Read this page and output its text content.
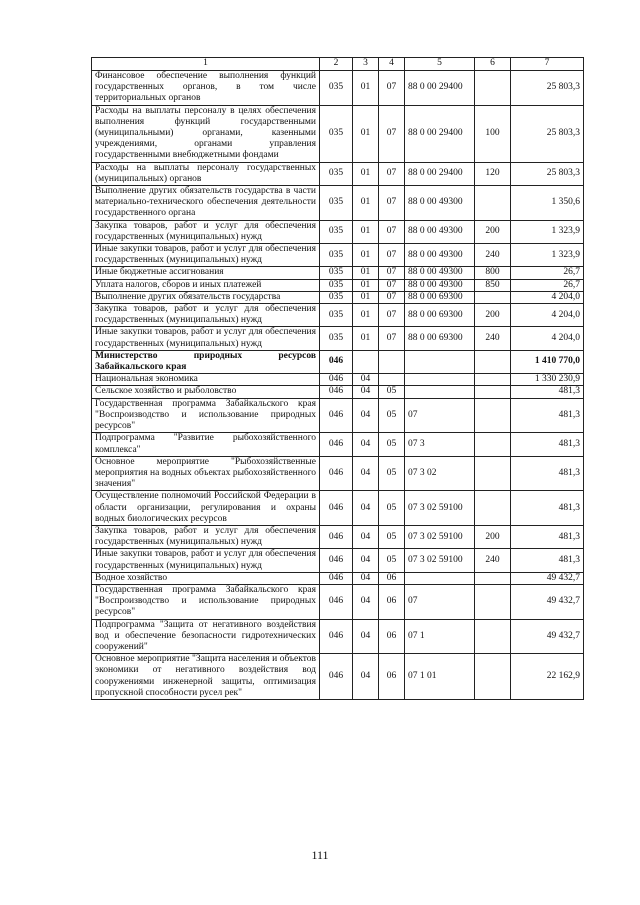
1	2	3	4	5	6	7
Финансовое обеспечение выполнения функций государственных органов, в том числе территориальных органов	035	01	07	88 0 00 29400		25 803,3
Расходы на выплаты персоналу в целях обеспечения выполнения функций государственными (муниципальными) органами, казенными учреждениями, органами управления государственными внебюджетными фондами	035	01	07	88 0 00 29400	100	25 803,3
Расходы на выплаты персоналу государственных (муниципальных) органов	035	01	07	88 0 00 29400	120	25 803,3
Выполнение других обязательств государства в части материально-технического обеспечения деятельности государственного органа	035	01	07	88 0 00 49300		1 350,6
Закупка товаров, работ и услуг для обеспечения государственных (муниципальных) нужд	035	01	07	88 0 00 49300	200	1 323,9
Иные закупки товаров, работ и услуг для обеспечения государственных (муниципальных) нужд	035	01	07	88 0 00 49300	240	1 323,9
Иные бюджетные ассигнования	035	01	07	88 0 00 49300	800	26,7
Уплата налогов, сборов и иных платежей	035	01	07	88 0 00 49300	850	26,7
Выполнение других обязательств государства	035	01	07	88 0 00 69300		4 204,0
Закупка товаров, работ и услуг для обеспечения государственных (муниципальных) нужд	035	01	07	88 0 00 69300	200	4 204,0
Иные закупки товаров, работ и услуг для обеспечения государственных (муниципальных) нужд	035	01	07	88 0 00 69300	240	4 204,0
Министерство природных ресурсов Забайкальского края	046					1 410 770,0
Национальная экономика	046	04				1 330 230,9
Сельское хозяйство и рыболовство	046	04	05			481,3
Государственная программа Забайкальского края "Воспроизводство и использование природных ресурсов"	046	04	05	07		481,3
Подпрограмма "Развитие рыбохозяйственного комплекса"	046	04	05	07 3		481,3
Основное мероприятие "Рыбохозяйственные мероприятия на водных объектах рыбохозяйственного значения"	046	04	05	07 3 02		481,3
Осуществление полномочий Российской Федерации в области организации, регулирования и охраны водных биологических ресурсов	046	04	05	07 3 02 59100		481,3
Закупка товаров, работ и услуг для обеспечения государственных (муниципальных) нужд	046	04	05	07 3 02 59100	200	481,3
Иные закупки товаров, работ и услуг для обеспечения государственных (муниципальных) нужд	046	04	05	07 3 02 59100	240	481,3
Водное хозяйство	046	04	06			49 432,7
Государственная программа Забайкальского края "Воспроизводство и использование природных ресурсов"	046	04	06	07		49 432,7
Подпрограмма "Защита от негативного воздействия вод и обеспечение безопасности гидротехнических сооружений"	046	04	06	07 1		49 432,7
Основное мероприятие "Защита населения и объектов экономики от негативного воздействия вод сооружениями инженерной защиты, оптимизация пропускной способности русел рек"	046	04	06	07 1 01		22 162,9
111
